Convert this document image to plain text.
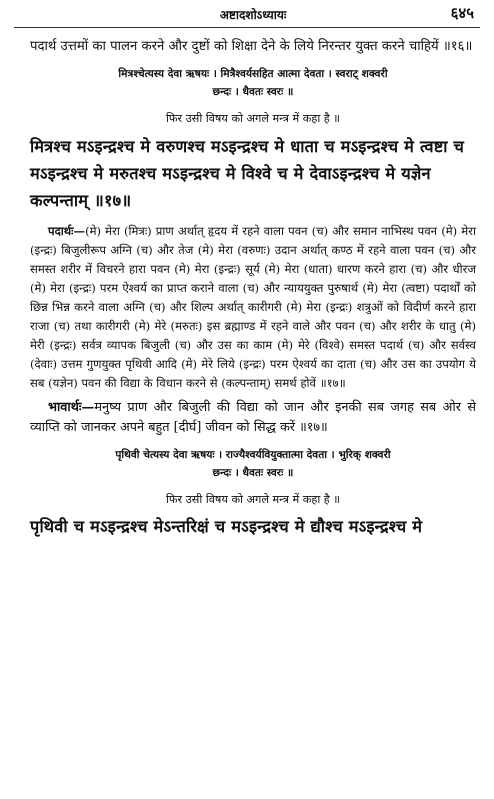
अष्टादशोऽध्यायः	६४५

पदार्थ उत्तमों का पालन करने और दुष्टों को शिक्षा देने के लिये निरन्तर युक्त करने चाहियें ॥१६॥

मित्रश्चेत्यस्य देवा ऋषयः । मित्रैश्वर्यसहित आत्मा देवता । स्वराट् शक्वरी

छन्दः । धैवतः स्वरः ॥

फिर उसी विषय को अगले मन्त्र में कहा है ॥

मित्रश्च मऽइन्द्रश्च मे वरुणश्च मऽइन्द्रश्च मे धाता च मऽइन्द्रश्च मे त्वष्टा च मऽइन्द्रश्च मे मरुतश्च मऽइन्द्रश्च मे विश्वे च मे देवाऽइन्द्रश्च मे यज्ञेन कल्पन्ताम् ॥१७॥

पदार्थः—(मे) मेरा (मित्रः) प्राण अर्थात् हृदय में रहने वाला पवन (च) और समान नाभिस्थ पवन (मे) मेरा (इन्द्रः) बिजुलीरूप अग्नि (च) और तेज (मे) मेरा (वरुणः) उदान अर्थात् कण्ठ में रहने वाला पवन (च) और समस्त शरीर में विचरने हारा पवन (मे) मेरा (इन्द्रः) सूर्य (मे) मेरा (धाता) धारण करने हारा (च) और धीरज (मे) मेरा (इन्द्रः) परम ऐश्वर्य का प्राप्त कराने वाला (च) और न्याययुक्त पुरुषार्थ (मे) मेरा (त्वष्टा) पदार्थों को छिन्न भिन्न करने वाला अग्नि (च) और शिल्प अर्थात् कारीगरी (मे) मेरा (इन्द्रः) शत्रुओं को विदीर्ण करने हारा राजा (च) तथा कारीगरी (मे) मेरे (मरुतः) इस ब्रह्माण्ड में रहने वाले और पवन (च) और शरीर के धातु (मे) मेरी (इन्द्रः) सर्वत्र व्यापक बिजुली (च) और उस का काम (मे) मेरे (विश्वे) समस्त पदार्थ (च) और सर्वस्व (देवाः) उत्तम गुणयुक्त पृथिवी आदि (मे) मेरे लिये (इन्द्रः) परम ऐश्वर्य का दाता (च) और उस का उपयोग ये सब (यज्ञेन) पवन की विद्या के विधान करने से (कल्पन्ताम्) समर्थ होवें ॥१७॥

भावार्थः—मनुष्य प्राण और बिजुली की विद्या को जान और इनकी सब जगह सब ओर से व्याप्ति को जानकर अपने बहुत [दीर्घ] जीवन को सिद्ध करें ॥१७॥

पृथिवी चेत्यस्य देवा ऋषयः । राज्यैश्वर्यवियुक्तात्मा देवता । भुरिक् शक्वरी

छन्दः । धैवतः स्वरः ॥

फिर उसी विषय को अगले मन्त्र में कहा है ॥

पृथिवी च मऽइन्द्रश्च मेऽन्तरिक्षं च मऽइन्द्रश्च मे द्यौश्च मऽइन्द्रश्च मे
